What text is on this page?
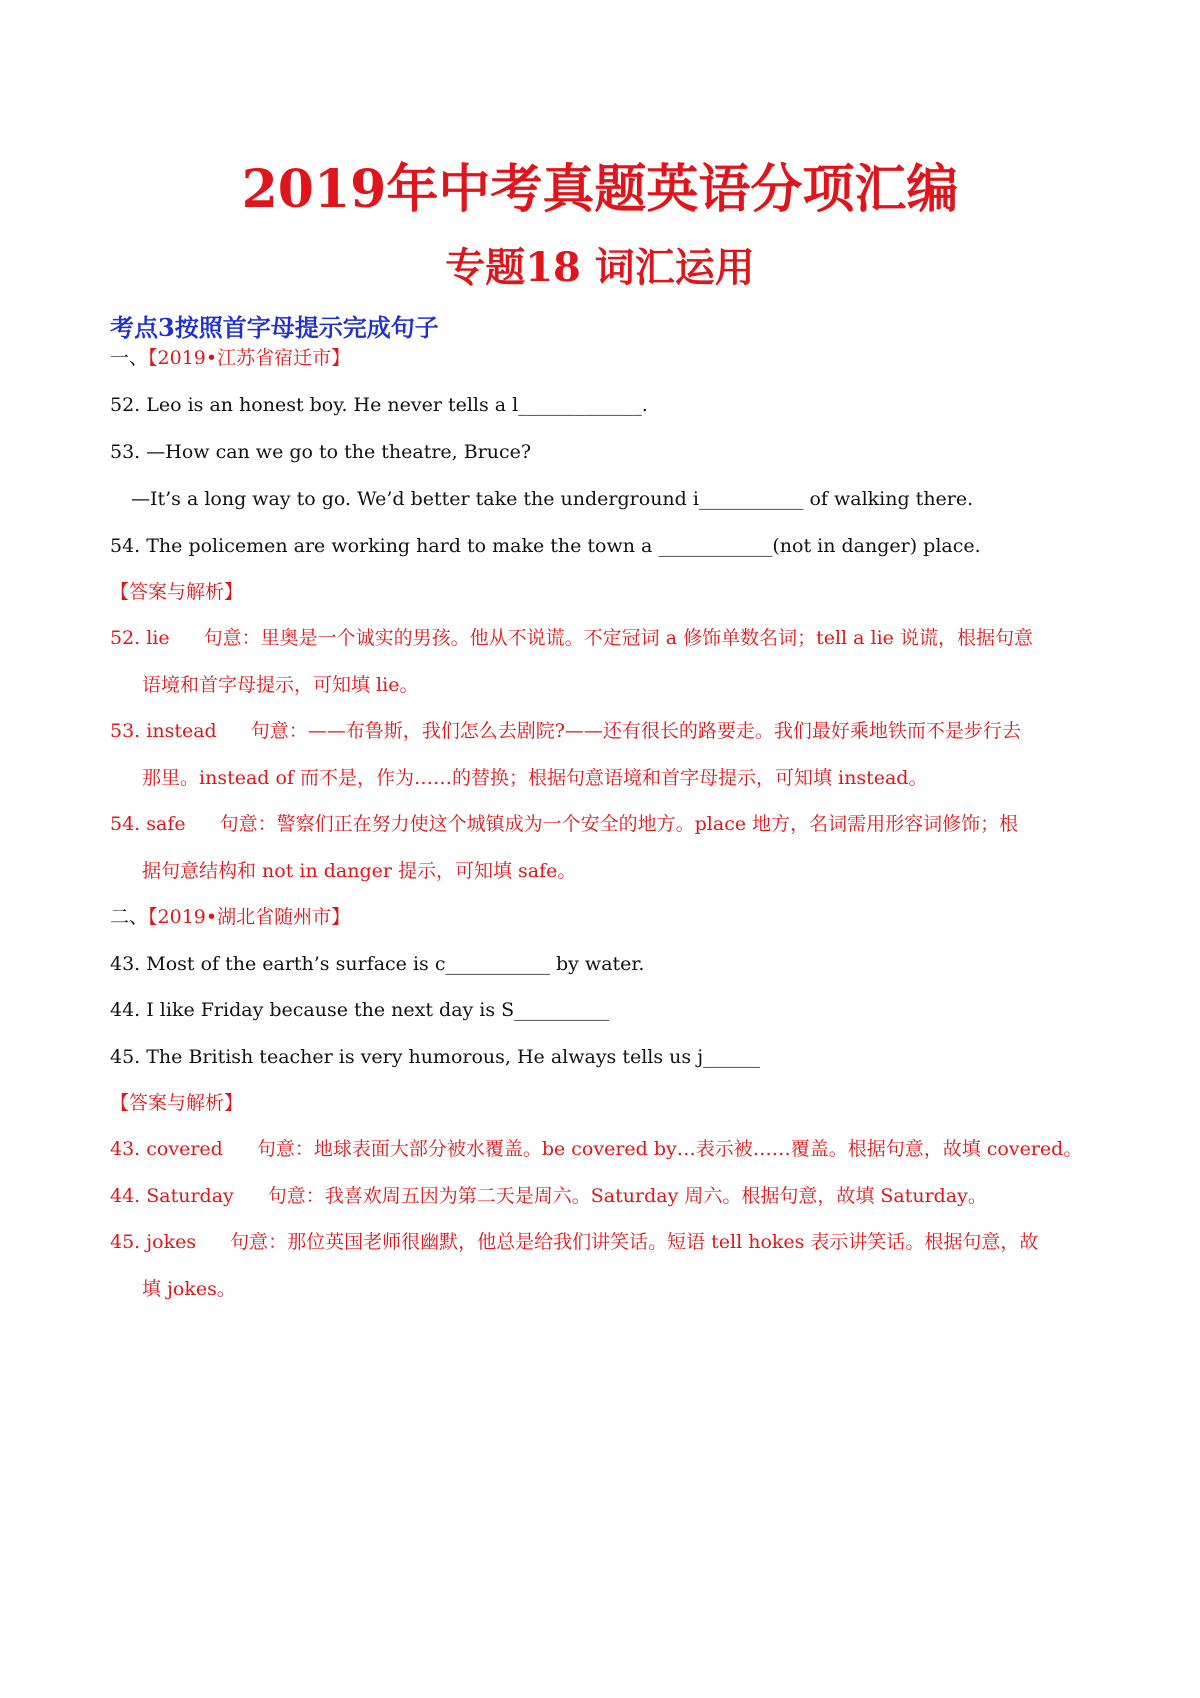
2019年中考真题英语分项汇编
专题18 词汇运用
考点3按照首字母提示完成句子
一、【2019•江苏省宿迁市】
52. Leo is an honest boy. He never tells a l_____________.
53. —How can we go to the theatre, Bruce?
—It’s a long way to go. We’d better take the underground i___________ of walking there.
54. The policemen are working hard to make the town a ____________(not in danger) place.
【答案与解析】
52. lie 句意：里奥是一个诚实的男孩。他从不说谎。不定冠词 a 修饰单数名词；tell a lie 说谎，根据句意
语境和首字母提示，可知填 lie。
53. instead 句意：——布鲁斯，我们怎么去剧院?——还有很长的路要走。我们最好乘地铁而不是步行去
那里。instead of 而不是，作为……的替换；根据句意语境和首字母提示，可知填 instead。
54. safe 句意：警察们正在努力使这个城镇成为一个安全的地方。place 地方，名词需用形容词修饰；根
据句意结构和 not in danger 提示，可知填 safe。
二、【2019•湖北省随州市】
43. Most of the earth’s surface is c___________ by water.
44. I like Friday because the next day is S__________
45. The British teacher is very humorous, He always tells us j______
【答案与解析】
43. covered 句意：地球表面大部分被水覆盖。be covered by…表示被……覆盖。根据句意，故填 covered。
44. Saturday 句意：我喜欢周五因为第二天是周六。Saturday 周六。根据句意，故填 Saturday。
45. jokes 句意：那位英国老师很幽默，他总是给我们讲笑话。短语 tell hokes 表示讲笑话。根据句意，故
填 jokes。
